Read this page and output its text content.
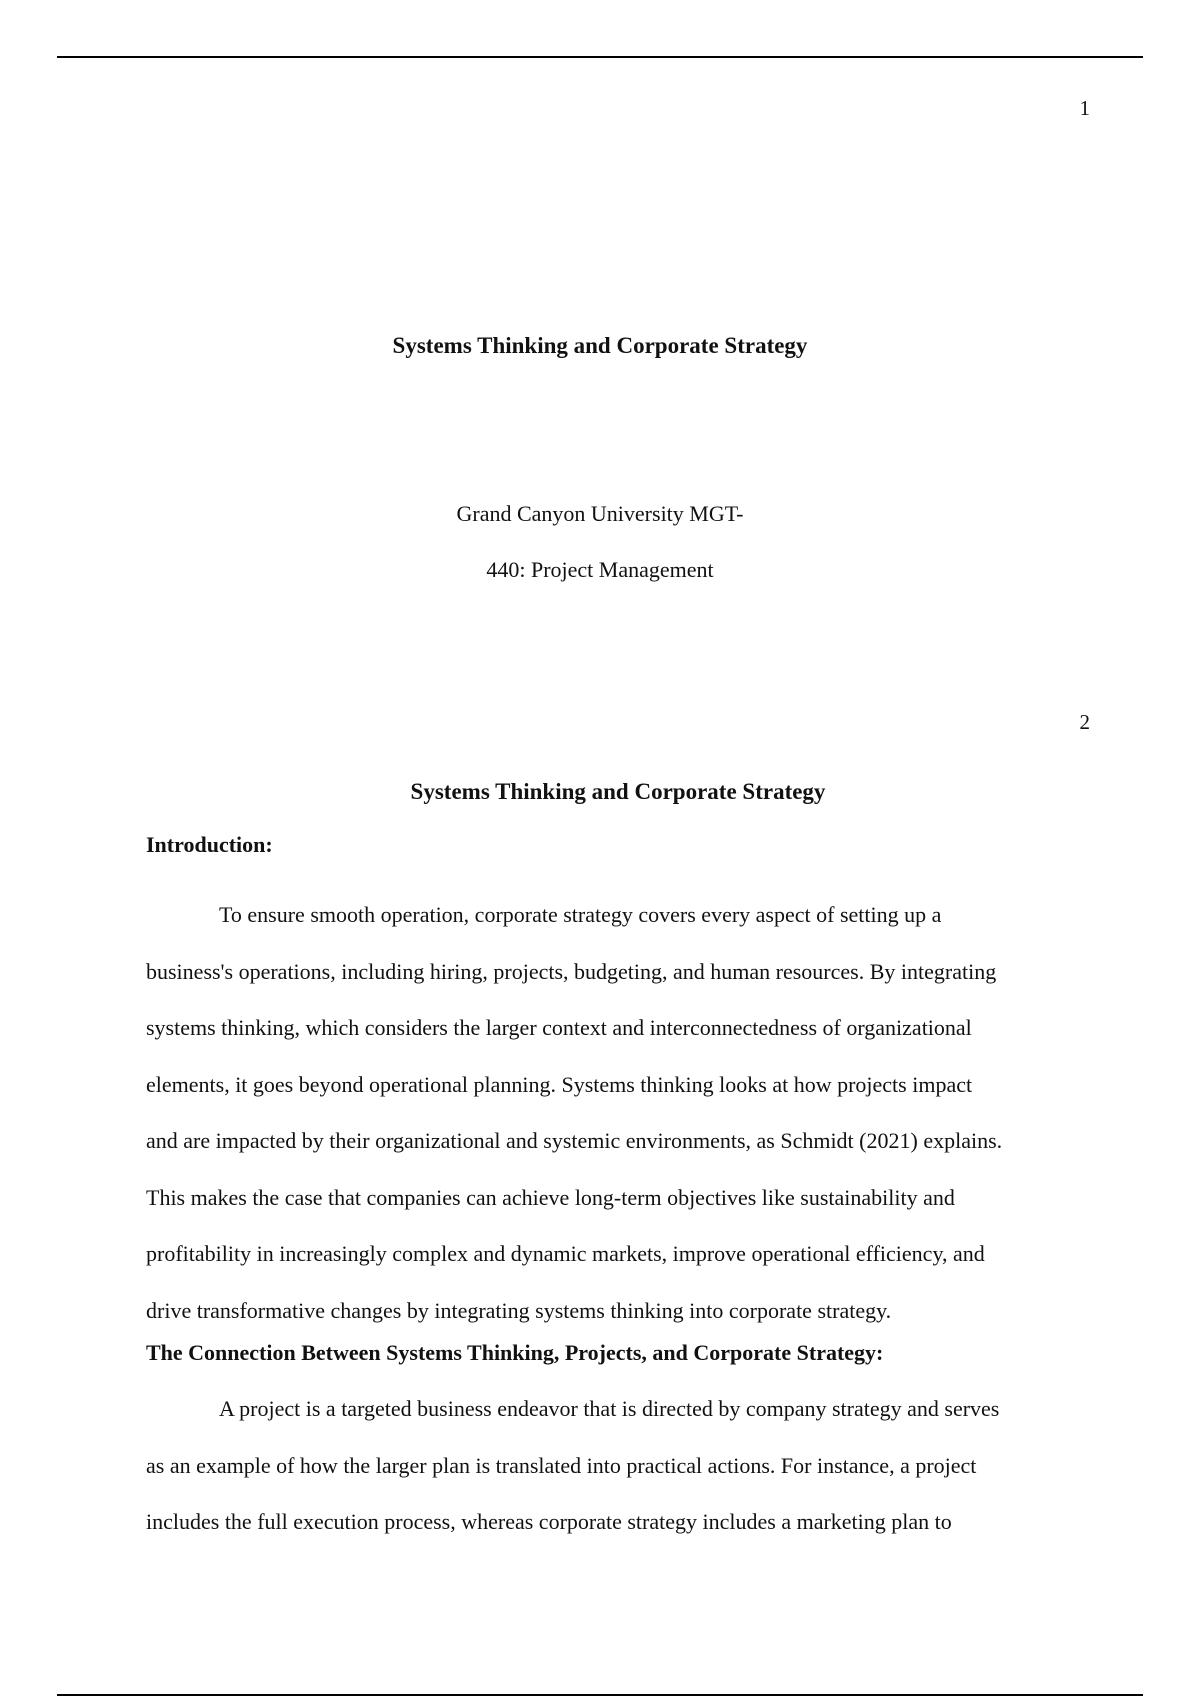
1
Systems Thinking and Corporate Strategy
Grand Canyon University MGT-
440: Project Management
2
Systems Thinking and Corporate Strategy
Introduction:

To ensure smooth operation, corporate strategy covers every aspect of setting up a
business's operations, including hiring, projects, budgeting, and human resources. By integrating
systems thinking, which considers the larger context and interconnectedness of organizational
elements, it goes beyond operational planning. Systems thinking looks at how projects impact
and are impacted by their organizational and systemic environments, as Schmidt (2021) explains.
This makes the case that companies can achieve long-term objectives like sustainability and
profitability in increasingly complex and dynamic markets, improve operational efficiency, and
drive transformative changes by integrating systems thinking into corporate strategy.

The Connection Between Systems Thinking, Projects, and Corporate Strategy:

A project is a targeted business endeavor that is directed by company strategy and serves
as an example of how the larger plan is translated into practical actions. For instance, a project
includes the full execution process, whereas corporate strategy includes a marketing plan to
